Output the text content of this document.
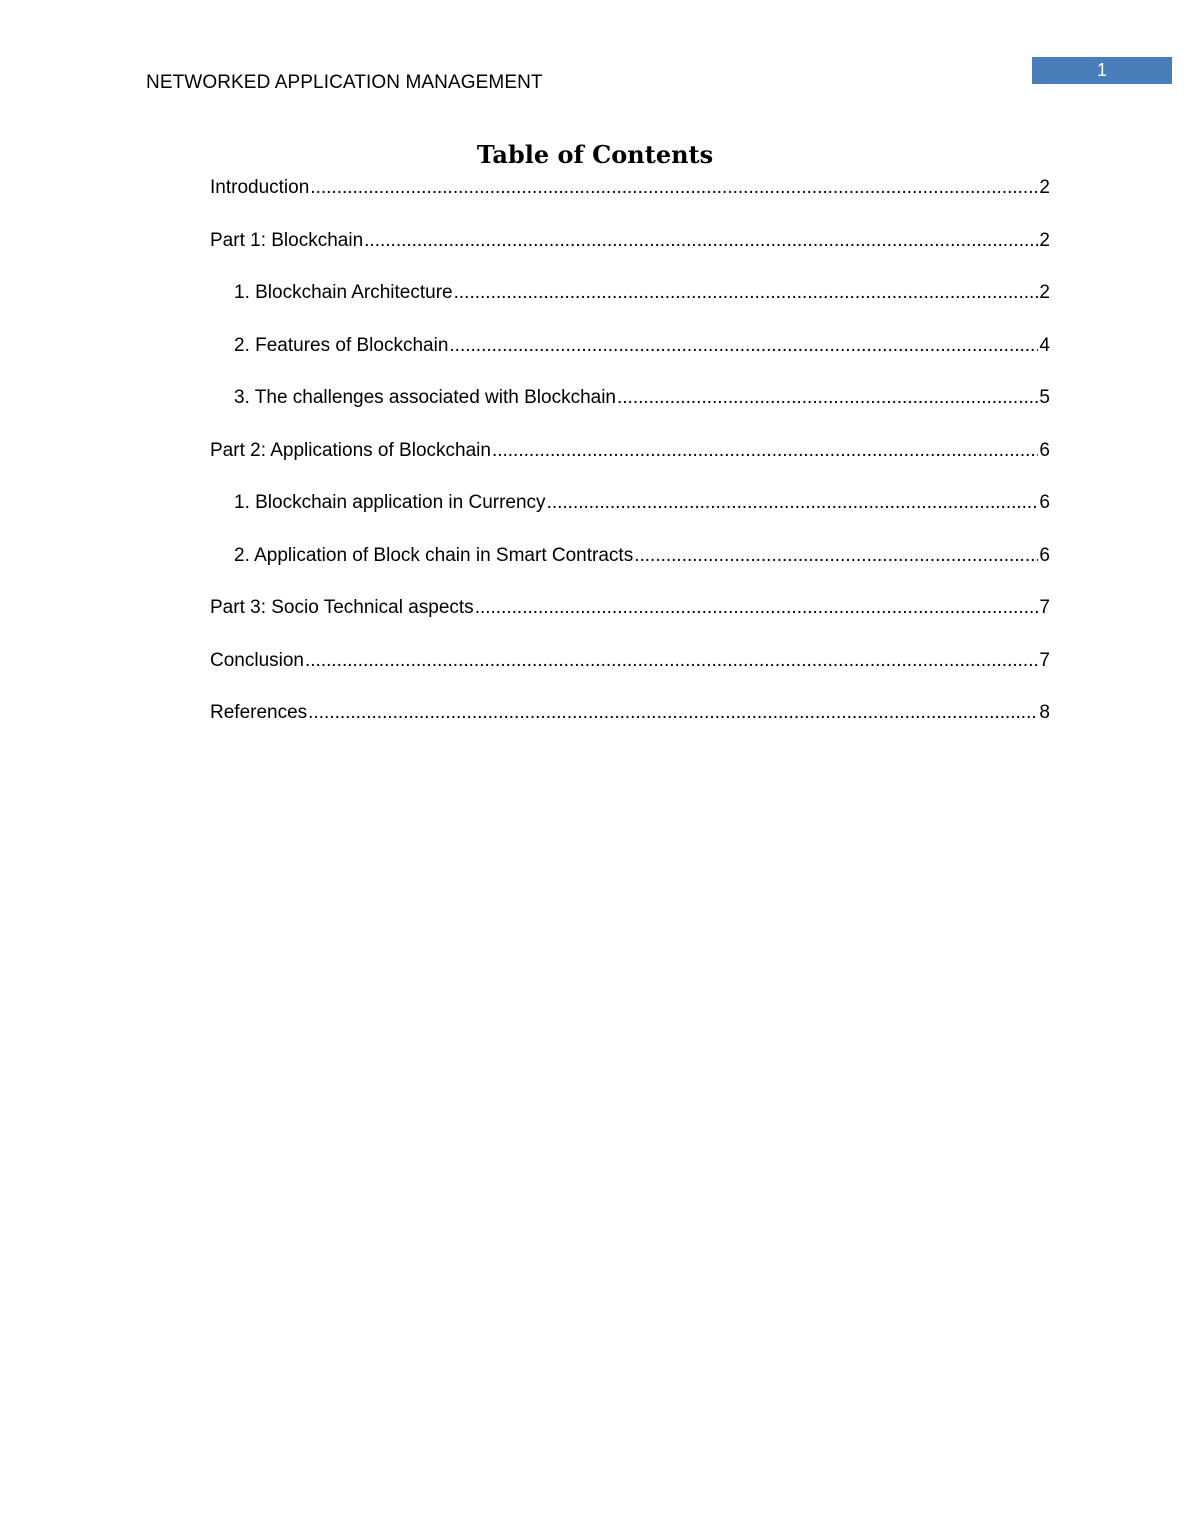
NETWORKED APPLICATION MANAGEMENT
1
Table of Contents
Introduction .....	2
Part 1: Blockchain .....	2
1. Blockchain Architecture .....	2
2. Features of Blockchain .....	4
3. The challenges associated with Blockchain .....	5
Part 2: Applications of Blockchain .....	6
1. Blockchain application in Currency .....	6
2. Application of Block chain in Smart Contracts .....	6
Part 3: Socio Technical aspects .....	7
Conclusion .....	7
References .....	8
